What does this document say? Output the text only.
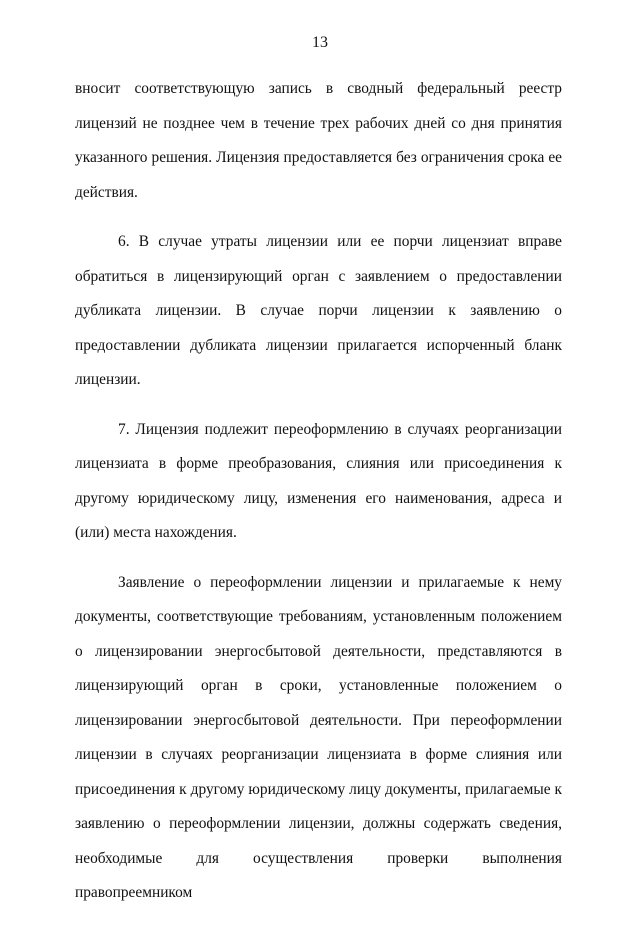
13

вносит соответствующую запись в сводный федеральный реестр лицензий не позднее чем в течение трех рабочих дней со дня принятия указанного решения. Лицензия предоставляется без ограничения срока ее действия.

6. В случае утраты лицензии или ее порчи лицензиат вправе обратиться в лицензирующий орган с заявлением о предоставлении дубликата лицензии. В случае порчи лицензии к заявлению о предоставлении дубликата лицензии прилагается испорченный бланк лицензии.

7. Лицензия подлежит переоформлению в случаях реорганизации лицензиата в форме преобразования, слияния или присоединения к другому юридическому лицу, изменения его наименования, адреса и (или) места нахождения.

Заявление о переоформлении лицензии и прилагаемые к нему документы, соответствующие требованиям, установленным положением о лицензировании энергосбытовой деятельности, представляются в лицензирующий орган в сроки, установленные положением о лицензировании энергосбытовой деятельности. При переоформлении лицензии в случаях реорганизации лицензиата в форме слияния или присоединения к другому юридическому лицу документы, прилагаемые к заявлению о переоформлении лицензии, должны содержать сведения, необходимые для осуществления проверки выполнения правопреемником
